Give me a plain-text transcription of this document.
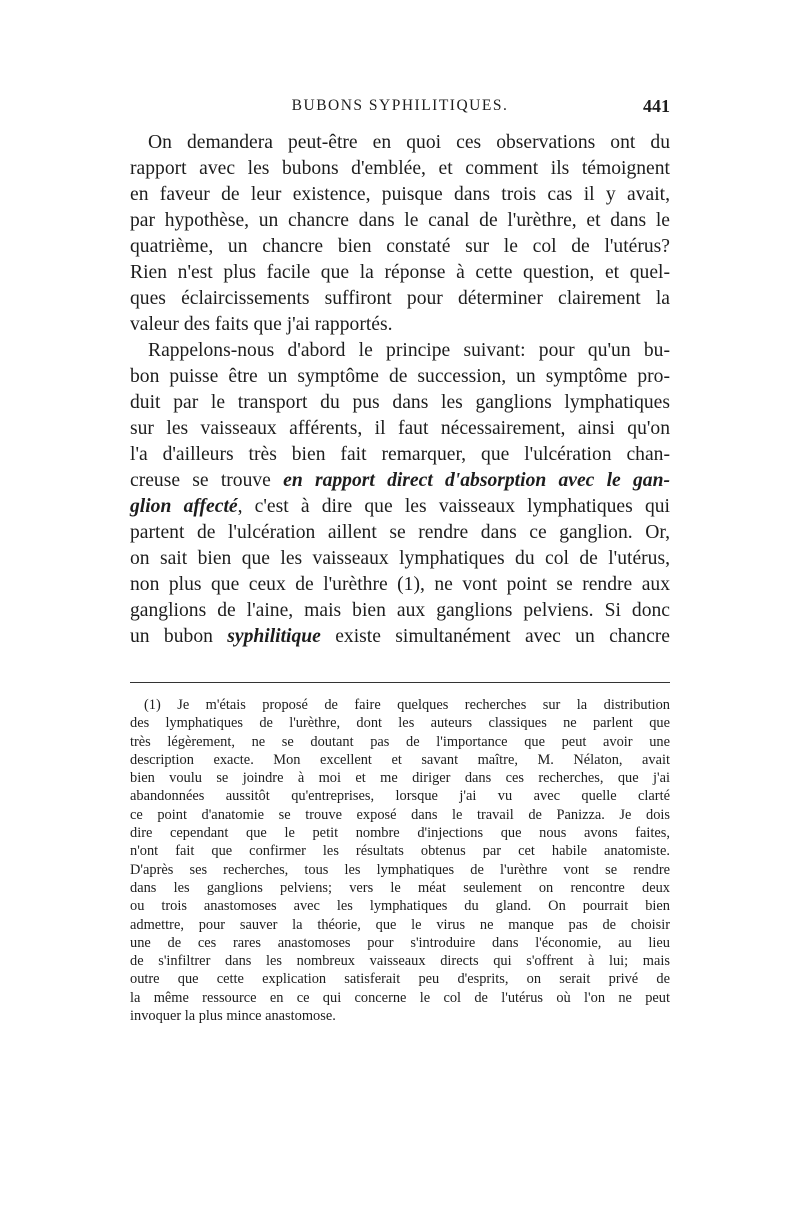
BUBONS SYPHILITIQUES.	441
On demandera peut-être en quoi ces observations ont du
rapport avec les bubons d'emblée, et comment ils témoignent
en faveur de leur existence, puisque dans trois cas il y avait,
par hypothèse, un chancre dans le canal de l'urèthre, et dans le
quatrième, un chancre bien constaté sur le col de l'utérus?
Rien n'est plus facile que la réponse à cette question, et quel-
ques éclaircissements suffiront pour déterminer clairement la
valeur des faits que j'ai rapportés.
Rappelons-nous d'abord le principe suivant: pour qu'un bu-
bon puisse être un symptôme de succession, un symptôme pro-
duit par le transport du pus dans les ganglions lymphatiques
sur les vaisseaux afférents, il faut nécessairement, ainsi qu'on
l'a d'ailleurs très bien fait remarquer, que l'ulcération chan-
creuse se trouve en rapport direct d'absorption avec le gan-
glion affecté, c'est à dire que les vaisseaux lymphatiques qui
partent de l'ulcération aillent se rendre dans ce ganglion. Or,
on sait bien que les vaisseaux lymphatiques du col de l'utérus,
non plus que ceux de l'urèthre (1), ne vont point se rendre aux
ganglions de l'aine, mais bien aux ganglions pelviens. Si donc
un bubon syphilitique existe simultanément avec un chancre
(1) Je m'étais proposé de faire quelques recherches sur la distribution
des lymphatiques de l'urèthre, dont les auteurs classiques ne parlent que
très légèrement, ne se doutant pas de l'importance que peut avoir une
description exacte. Mon excellent et savant maître, M. Nélaton, avait
bien voulu se joindre à moi et me diriger dans ces recherches, que j'ai
abandonnées aussitôt qu'entreprises, lorsque j'ai vu avec quelle clarté
ce point d'anatomie se trouve exposé dans le travail de Panizza. Je dois
dire cependant que le petit nombre d'injections que nous avons faites,
n'ont fait que confirmer les résultats obtenus par cet habile anatomiste.
D'après ses recherches, tous les lymphatiques de l'urèthre vont se rendre
dans les ganglions pelviens; vers le méat seulement on rencontre deux
ou trois anastomoses avec les lymphatiques du gland. On pourrait bien
admettre, pour sauver la théorie, que le virus ne manque pas de choisir
une de ces rares anastomoses pour s'introduire dans l'économie, au lieu
de s'infiltrer dans les nombreux vaisseaux directs qui s'offrent à lui; mais
outre que cette explication satisferait peu d'esprits, on serait privé de
la même ressource en ce qui concerne le col de l'utérus où l'on ne peut
invoquer la plus mince anastomose.
